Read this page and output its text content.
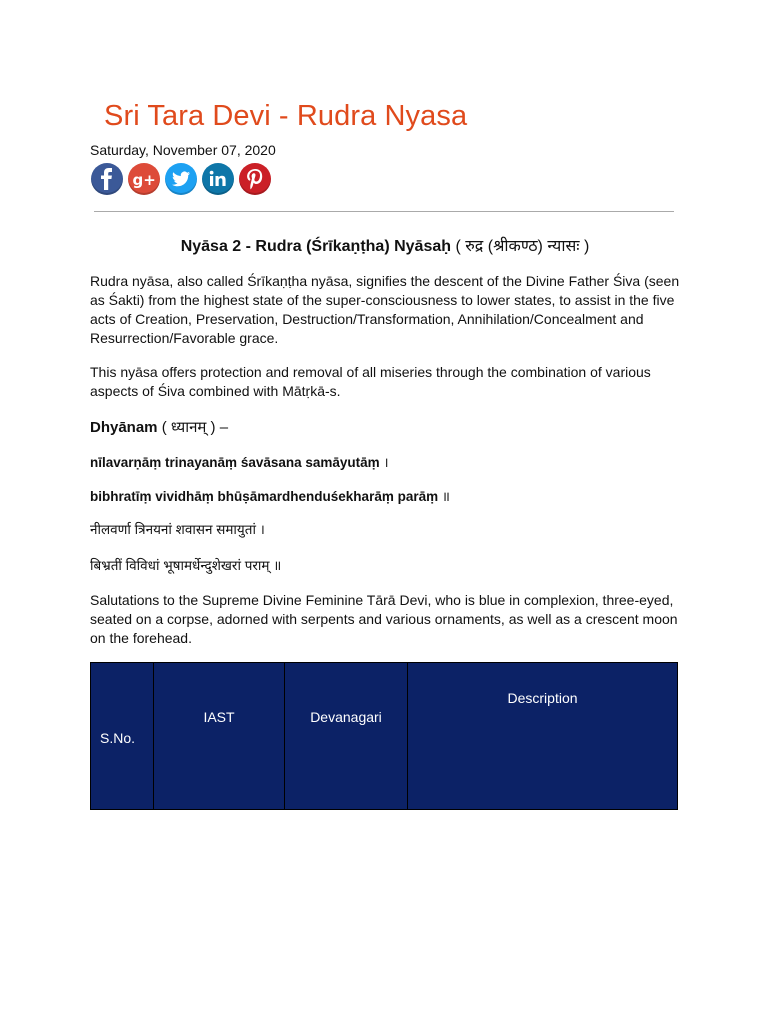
Sri Tara Devi - Rudra Nyasa
Saturday, November 07, 2020
g+
Nyāsa 2 - Rudra (Śrīkaṇṭha) Nyāsaḥ ( रुद्र (श्रीकण्ठ) न्यासः )

Rudra nyāsa, also called Śrīkaṇṭha nyāsa, signifies the descent of the Divine Father Śiva (seen as Śakti) from the highest state of the super-consciousness to lower states, to assist in the five acts of Creation, Preservation, Destruction/Transformation, Annihilation/Concealment and Resurrection/Favorable grace.

This nyāsa offers protection and removal of all miseries through the combination of various aspects of Śiva combined with Mātṛkā-s.

Dhyānam ( ध्यानम् ) –

nīlavarṇāṃ trinayanāṃ śavāsana samāyutāṃ ।

bibhratīṃ vividhāṃ bhūṣāmardhenduśekharāṃ parāṃ ॥

नीलवर्णा त्रिनयनां शवासन समायुतां ।

बिभ्रतीं विविधां भूषामर्धेन्दुशेखरां पराम् ॥

Salutations to the Supreme Divine Feminine Tārā Devi, who is blue in complexion, three-eyed, seated on a corpse, adorned with serpents and various ornaments, as well as a crescent moon on the forehead.

S.No.	IAST	Devanagari	Description
